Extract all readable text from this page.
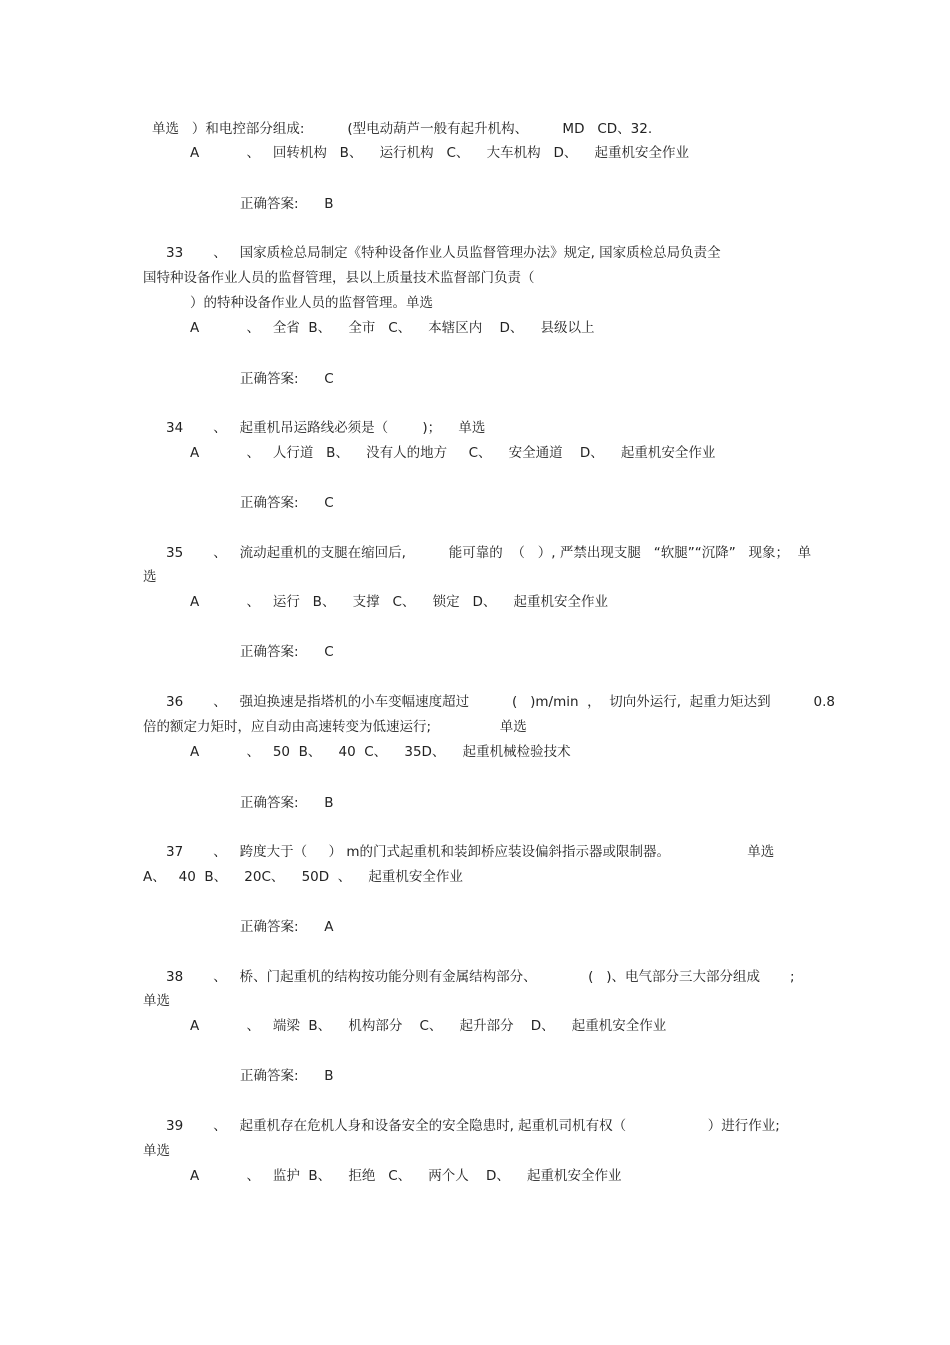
单选   ）和电控部分组成:          (型电动葫芦一般有起升机构、        MD   CD、32.
A           、   回转机构   B、    运行机构   C、    大车机构   D、    起重机安全作业
正确答案:      B
33       、   国家质检总局制定《特种设备作业人员监督管理办法》规定, 国家质检总局负责全
国特种设备作业人员的监督管理，县以上质量技术监督部门负责（
）的特种设备作业人员的监督管理。单选
A           、   全省  B、    全市   C、    本辖区内    D、    县级以上
正确答案:      C
34       、   起重机吊运路线必须是（        )；    单选
A           、   人行道   B、    没有人的地方     C、    安全通道    D、    起重机安全作业
正确答案:      C
35       、   流动起重机的支腿在缩回后,          能可靠的  （   ）, 严禁出现支腿   “软腿”“沉降”   现象；  单
选
A           、   运行   B、    支撑   C、    锁定   D、    起重机安全作业
正确答案:      C
36       、   强迫换速是指塔机的小车变幅速度超过          (   )m/min  ，  切向外运行,  起重力矩达到          0.8
倍的额定力矩时，应自动由高速转变为低速运行;                单选
A           、   50  B、    40  C、    35D、    起重机械检验技术
正确答案:      B
37       、   跨度大于（     ） m的门式起重机和装卸桥应装设偏斜指示器或限制器。                  单选
A、   40  B、    20C、    50D  、    起重机安全作业
正确答案:      A
38       、   桥、门起重机的结构按功能分则有金属结构部分、            (   )、电气部分三大部分组成       ;
单选
A           、   端梁  B、    机构部分    C、    起升部分    D、    起重机安全作业
正确答案:      B
39       、   起重机存在危机人身和设备安全的安全隐患时, 起重机司机有权（                   ）进行作业;
单选
A           、   监护  B、    拒绝   C、    两个人    D、    起重机安全作业
